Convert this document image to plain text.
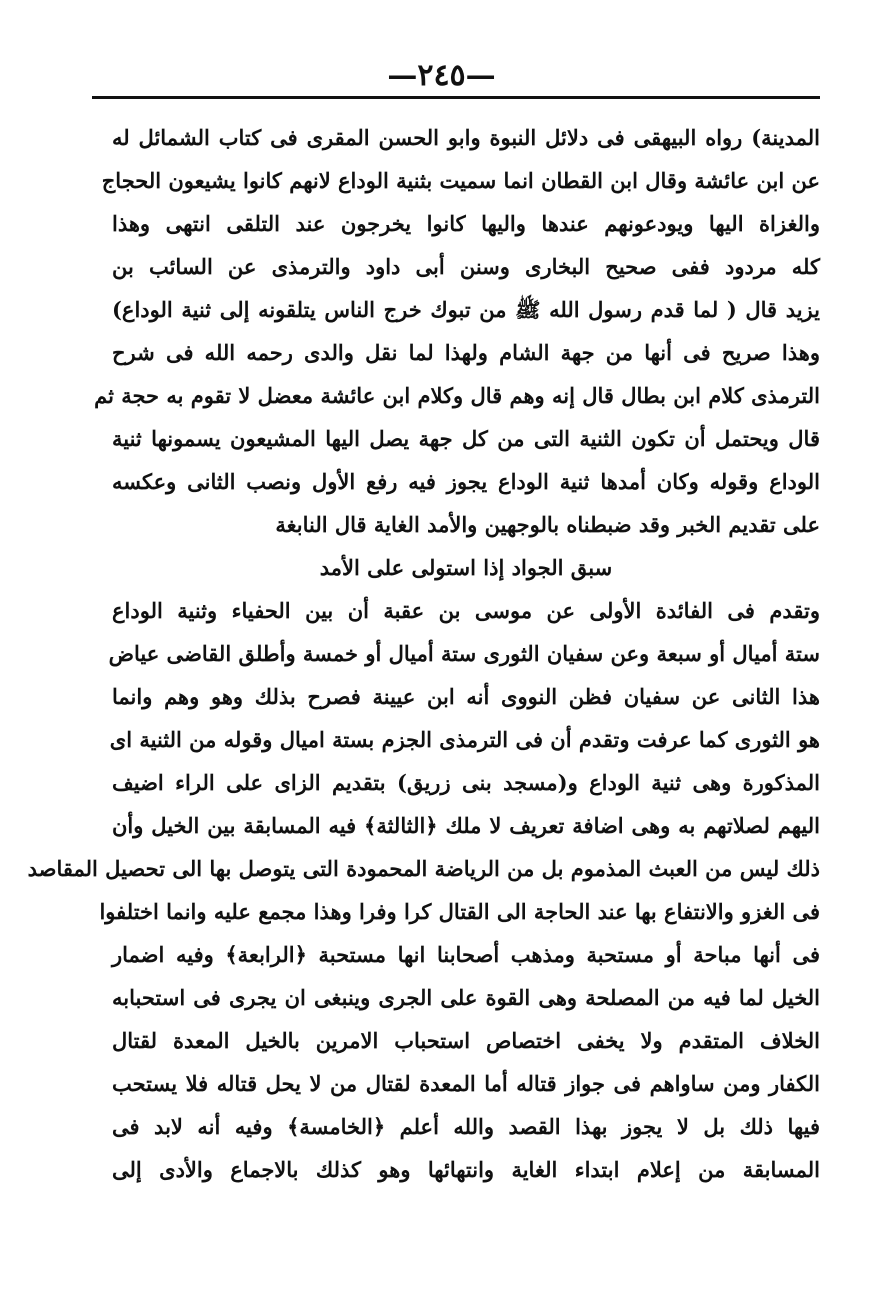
—٢٤٥—
المدينة) رواه البيهقى فى دلائل النبوة وابو الحسن المقرى فى كتاب الشمائل له
عن ابن عائشة وقال ابن القطان انما سميت بثنية الوداع لانهم كانوا يشيعون الحجاج
والغزاة اليها ويودعونهم عندها واليها كانوا يخرجون عند التلقى انتهى وهذا
كله مردود ففى صحيح البخارى وسنن أبى داود والترمذى عن السائب بن
يزيد قال ( لما قدم رسول الله ﷺ من تبوك خرج الناس يتلقونه إلى ثنية الوداع)
وهذا صريح فى أنها من جهة الشام ولهذا لما نقل والدى رحمه الله فى شرح
الترمذى كلام ابن بطال قال إنه وهم قال وكلام ابن عائشة معضل لا تقوم به حجة ثم
قال ويحتمل أن تكون الثنية التى من كل جهة يصل اليها المشيعون يسمونها ثنية
الوداع وقوله وكان أمدها ثنية الوداع يجوز فيه رفع الأول ونصب الثانى وعكسه
على تقديم الخبر وقد ضبطناه بالوجهين والأمد الغاية قال النابغة
سبق الجواد إذا استولى على الأمد
وتقدم فى الفائدة الأولى عن موسى بن عقبة أن بين الحفياء وثنية الوداع
ستة أميال أو سبعة وعن سفيان الثورى ستة أميال أو خمسة وأطلق القاضى عياض
هذا الثانى عن سفيان فظن النووى أنه ابن عيينة فصرح بذلك وهو وهم وانما
هو الثورى كما عرفت وتقدم أن فى الترمذى الجزم بستة اميال وقوله من الثنية اى
المذكورة وهى ثنية الوداع و(مسجد بنى زريق) بتقديم الزاى على الراء اضيف
اليهم لصلاتهم به وهى اضافة تعريف لا ملك ﴿الثالثة﴾ فيه المسابقة بين الخيل وأن
ذلك ليس من العبث المذموم بل من الرياضة المحمودة التى يتوصل بها الى تحصيل المقاصد
فى الغزو والانتفاع بها عند الحاجة الى القتال كرا وفرا وهذا مجمع عليه وانما اختلفوا
فى أنها مباحة أو مستحبة ومذهب أصحابنا انها مستحبة ﴿الرابعة﴾ وفيه اضمار
الخيل لما فيه من المصلحة وهى القوة على الجرى وينبغى ان يجرى فى استحبابه
الخلاف المتقدم ولا يخفى اختصاص استحباب الامرين بالخيل المعدة لقتال
الكفار ومن ساواهم فى جواز قتاله أما المعدة لقتال من لا يحل قتاله فلا يستحب
فيها ذلك بل لا يجوز بهذا القصد والله أعلم ﴿الخامسة﴾ وفيه أنه لابد فى
المسابقة من إعلام ابتداء الغاية وانتهائها وهو كذلك بالاجماع والأدى إلى
